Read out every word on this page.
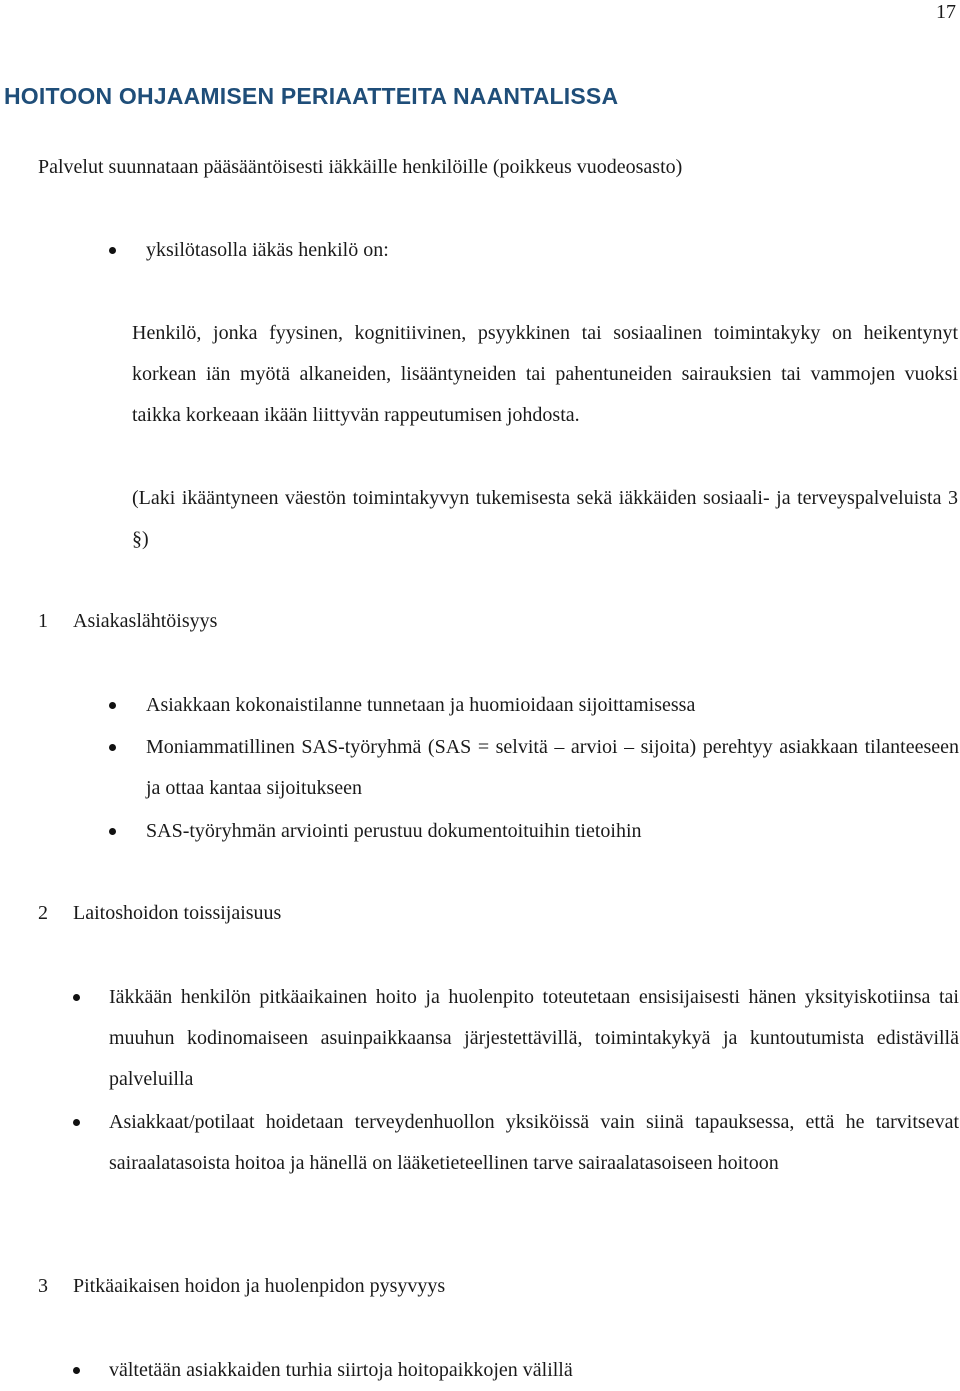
17
HOITOON OHJAAMISEN PERIAATTEITA NAANTALISSA

Palvelut suunnataan pääsääntöisesti iäkkäille henkilöille (poikkeus vuodeosasto)

yksilötasolla iäkäs henkilö on:

Henkilö, jonka fyysinen, kognitiivinen, psyykkinen tai sosiaalinen toimintakyky on heikentynyt korkean iän myötä alkaneiden, lisääntyneiden tai pahentuneiden sairauksien tai vammojen vuoksi taikka korkeaan ikään liittyvän rappeutumisen johdosta.

(Laki ikääntyneen väestön toimintakyvyn tukemisesta sekä iäkkäiden sosiaali- ja terveyspalveluista 3 §)

1	Asiakaslähtöisyys

Asiakkaan kokonaistilanne tunnetaan ja huomioidaan sijoittamisessa

Moniammatillinen SAS-työryhmä (SAS = selvitä – arvioi – sijoita) perehtyy asiakkaan tilanteeseen ja ottaa kantaa sijoitukseen

SAS-työryhmän arviointi perustuu dokumentoituihin tietoihin

2	Laitoshoidon toissijaisuus

Iäkkään henkilön pitkäaikainen hoito ja huolenpito toteutetaan ensisijaisesti hänen yksityiskotiinsa tai muuhun kodinomaiseen asuinpaikkaansa järjestettävillä, toimintakykyä ja kuntoutumista edistävillä palveluilla

Asiakkaat/potilaat hoidetaan terveydenhuollon yksiköissä vain siinä tapauksessa, että he tarvitsevat sairaalatasoista hoitoa ja hänellä on lääketieteellinen tarve sairaalatasoiseen hoitoon

3	Pitkäaikaisen hoidon ja huolenpidon pysyvyys

vältetään asiakkaiden turhia siirtoja hoitopaikkojen välillä
